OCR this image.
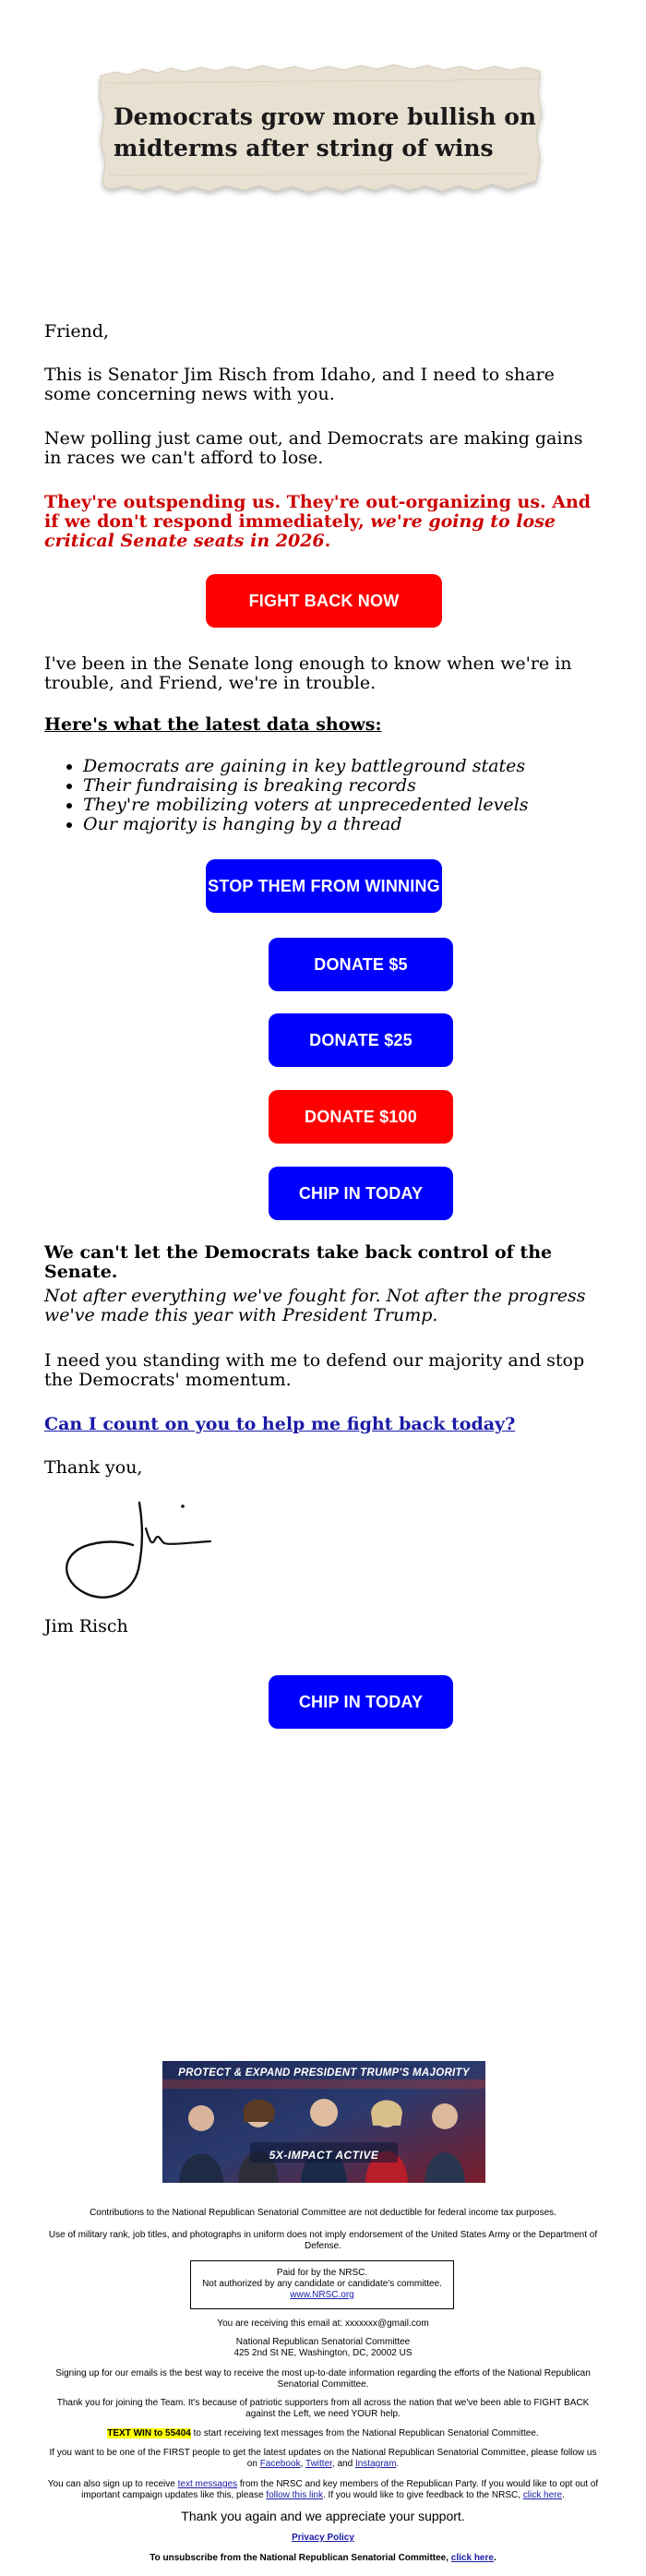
Democrats grow more bullish on midterms after string of wins
Friend,
This is Senator Jim Risch from Idaho, and I need to share some concerning news with you.
New polling just came out, and Democrats are making gains in races we can't afford to lose.
They're outspending us. They're out-organizing us. And if we don't respond immediately, we're going to lose critical Senate seats in 2026.
FIGHT BACK NOW
I've been in the Senate long enough to know when we're in trouble, and Friend, we're in trouble.
Here's what the latest data shows:
• Democrats are gaining in key battleground states
• Their fundraising is breaking records
• They're mobilizing voters at unprecedented levels
• Our majority is hanging by a thread
STOP THEM FROM WINNING
DONATE $5
DONATE $25
DONATE $100
CHIP IN TODAY
We can't let the Democrats take back control of the Senate.
Not after everything we've fought for. Not after the progress we've made this year with President Trump.
I need you standing with me to defend our majority and stop the Democrats' momentum.
Can I count on you to help me fight back today?
Thank you,
Jim Risch
CHIP IN TODAY
PROTECT & EXPAND PRESIDENT TRUMP'S MAJORITY
5X-IMPACT ACTIVE
Contributions to the National Republican Senatorial Committee are not deductible for federal income tax purposes.
Use of military rank, job titles, and photographs in uniform does not imply endorsement of the United States Army or the Department of Defense.
Paid for by the NRSC.
Not authorized by any candidate or candidate's committee.
www.NRSC.org
You are receiving this email at: xxxxxxx@gmail.com
National Republican Senatorial Committee
425 2nd St NE, Washington, DC, 20002 US
Signing up for our emails is the best way to receive the most up-to-date information regarding the efforts of the National Republican Senatorial Committee.
Thank you for joining the Team. It's because of patriotic supporters from all across the nation that we've been able to FIGHT BACK against the Left, we need YOUR help.
TEXT WIN to 55404 to start receiving text messages from the National Republican Senatorial Committee.
If you want to be one of the FIRST people to get the latest updates on the National Republican Senatorial Committee, please follow us on Facebook, Twitter, and Instagram.
You can also sign up to receive text messages from the NRSC and key members of the Republican Party. If you would like to opt out of important campaign updates like this, please follow this link. If you would like to give feedback to the NRSC, click here.
Thank you again and we appreciate your support.
Privacy Policy
To unsubscribe from the National Republican Senatorial Committee, click here.
